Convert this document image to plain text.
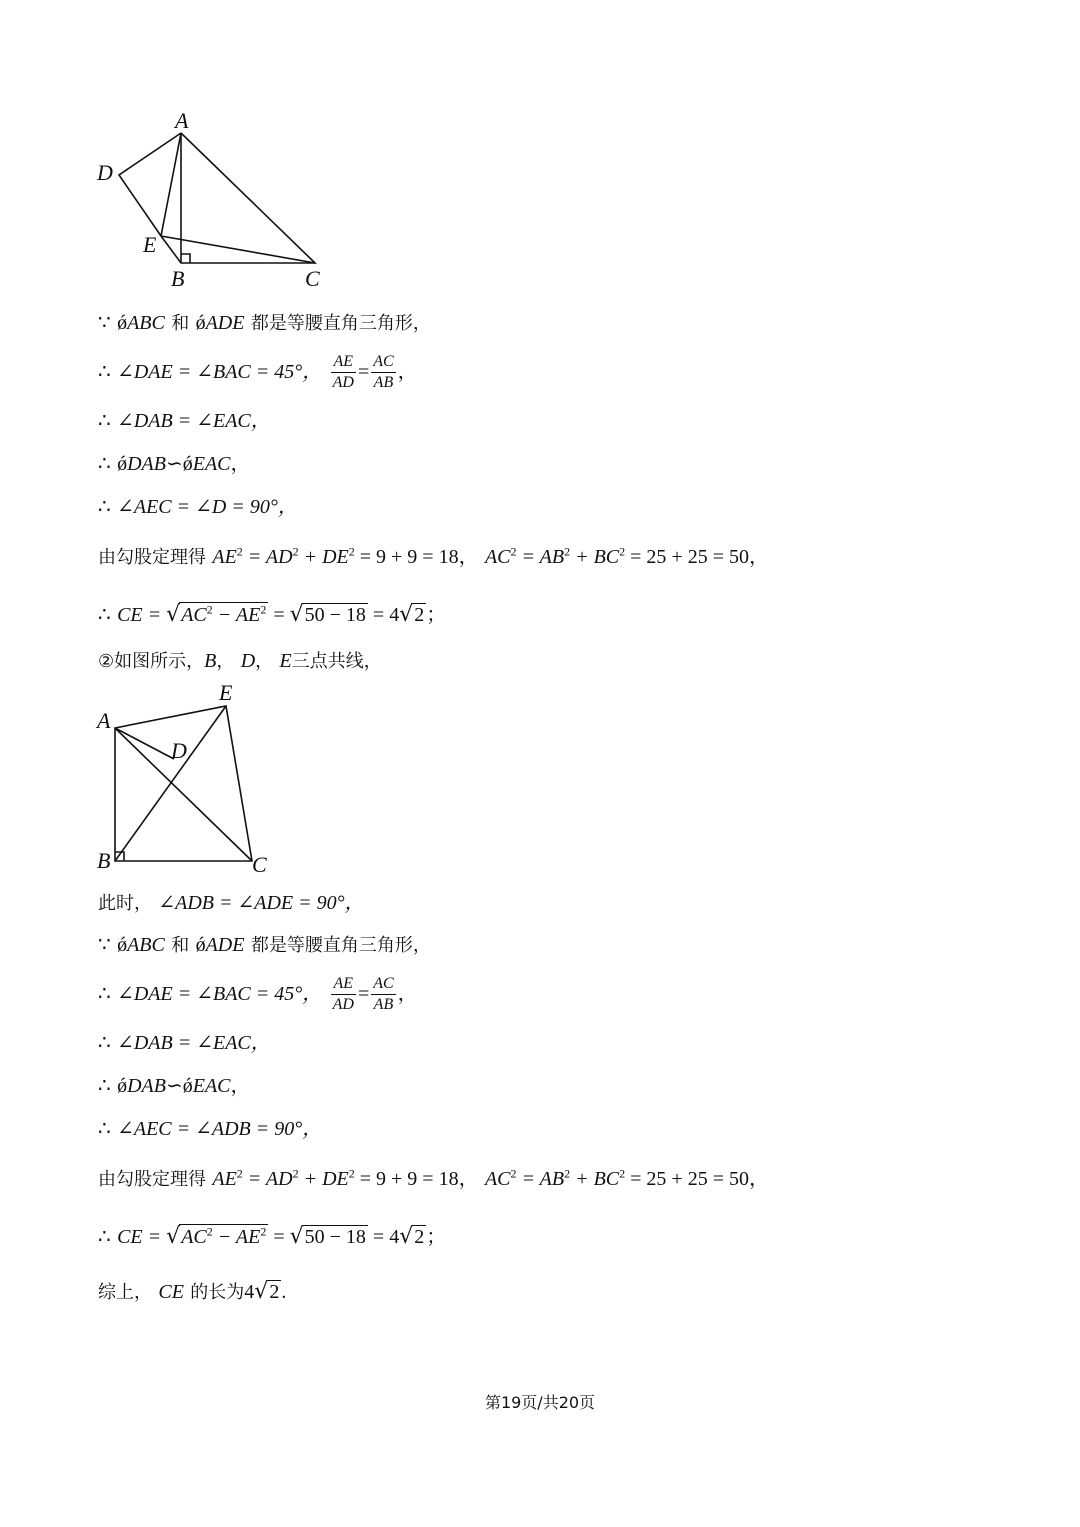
A
D
E
B	C
∵ ǿABC 和 ǿADE 都是等腰直角三角形，
∴ ∠DAE = ∠BAC = 45°， $\frac{AE}{AD} = \frac{AC}{AB}$ ，
∴ ∠DAB = ∠EAC，
∴ ǿDAB∽ǿEAC，
∴ ∠AEC = ∠D = 90°，
由勾股定理得 $AE^2 = AD^2 + DE^2 = 9 + 9 = 18$， $AC^2 = AB^2 + BC^2 = 25 + 25 = 50$，
∴ CE = $√AC^2 - AE^2 = √50 - 18 = 4√2$ ；
②如图所示，B， D， E三点共线，
E
A
D
B	C
此时， ∠ADB = ∠ADE = 90°，
∵ ǿABC 和 ǿADE 都是等腰直角三角形，
∴ ∠DAE = ∠BAC = 45°， $\frac{AE}{AD} = \frac{AC}{AB}$ ，
∴ ∠DAB = ∠EAC，
∴ ǿDAB∽ǿEAC，
∴ ∠AEC = ∠ADB = 90°，
由勾股定理得 $AE^2 = AD^2 + DE^2 = 9 + 9 = 18$， $AC^2 = AB^2 + BC^2 = 25 + 25 = 50$，
∴ CE = $√AC^2 - AE^2 = √50 - 18 = 4√2$ ；
综上， CE 的长为4√2 .
第19页/共20页
